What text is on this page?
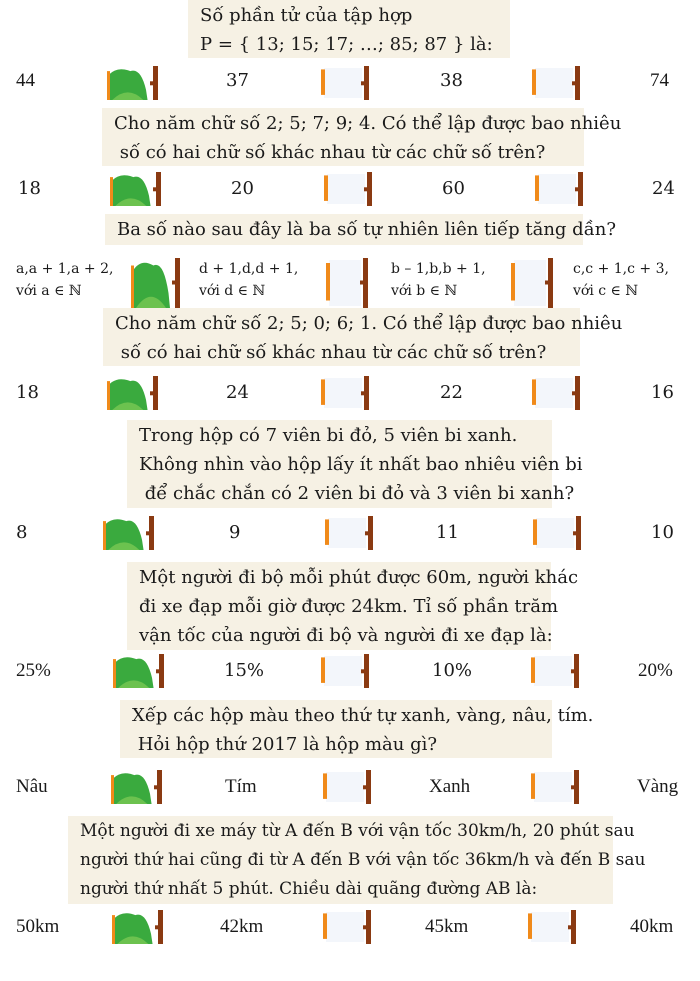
Số phần tử của tập hợp
P = { 13; 15; 17; …; 85; 87 } là:
44	37	38	74
Cho năm chữ số 2; 5; 7; 9; 4. Có thể lập được bao nhiêu
số có hai chữ số khác nhau từ các chữ số trên?
18	20	60	24
Ba số nào sau đây là ba số tự nhiên liên tiếp tăng dần?
a,a + 1,a + 2,
với a ∈ ℕ
d + 1,d,d + 1,
với d ∈ ℕ
b – 1,b,b + 1,
với b ∈ ℕ
c,c + 1,c + 3,
với c ∈ ℕ
Cho năm chữ số 2; 5; 0; 6; 1. Có thể lập được bao nhiêu
số có hai chữ số khác nhau từ các chữ số trên?
18	24	22	16
Trong hộp có 7 viên bi đỏ, 5 viên bi xanh.
Không nhìn vào hộp lấy ít nhất bao nhiêu viên bi
để chắc chắn có 2 viên bi đỏ và 3 viên bi xanh?
8	9	11	10
Một người đi bộ mỗi phút được 60m, người khác
đi xe đạp mỗi giờ được 24km. Tỉ số phần trăm
vận tốc của người đi bộ và người đi xe đạp là:
25%	15%	10%	20%
Xếp các hộp màu theo thứ tự xanh, vàng, nâu, tím.
Hỏi hộp thứ 2017 là hộp màu gì?
Nâu	Tím	Xanh	Vàng
Một người đi xe máy từ A đến B với vận tốc 30km/h, 20 phút sau
người thứ hai cũng đi từ A đến B với vận tốc 36km/h và đến B sau
người thứ nhất 5 phút. Chiều dài quãng đường AB là:
50km	42km	45km	40km
